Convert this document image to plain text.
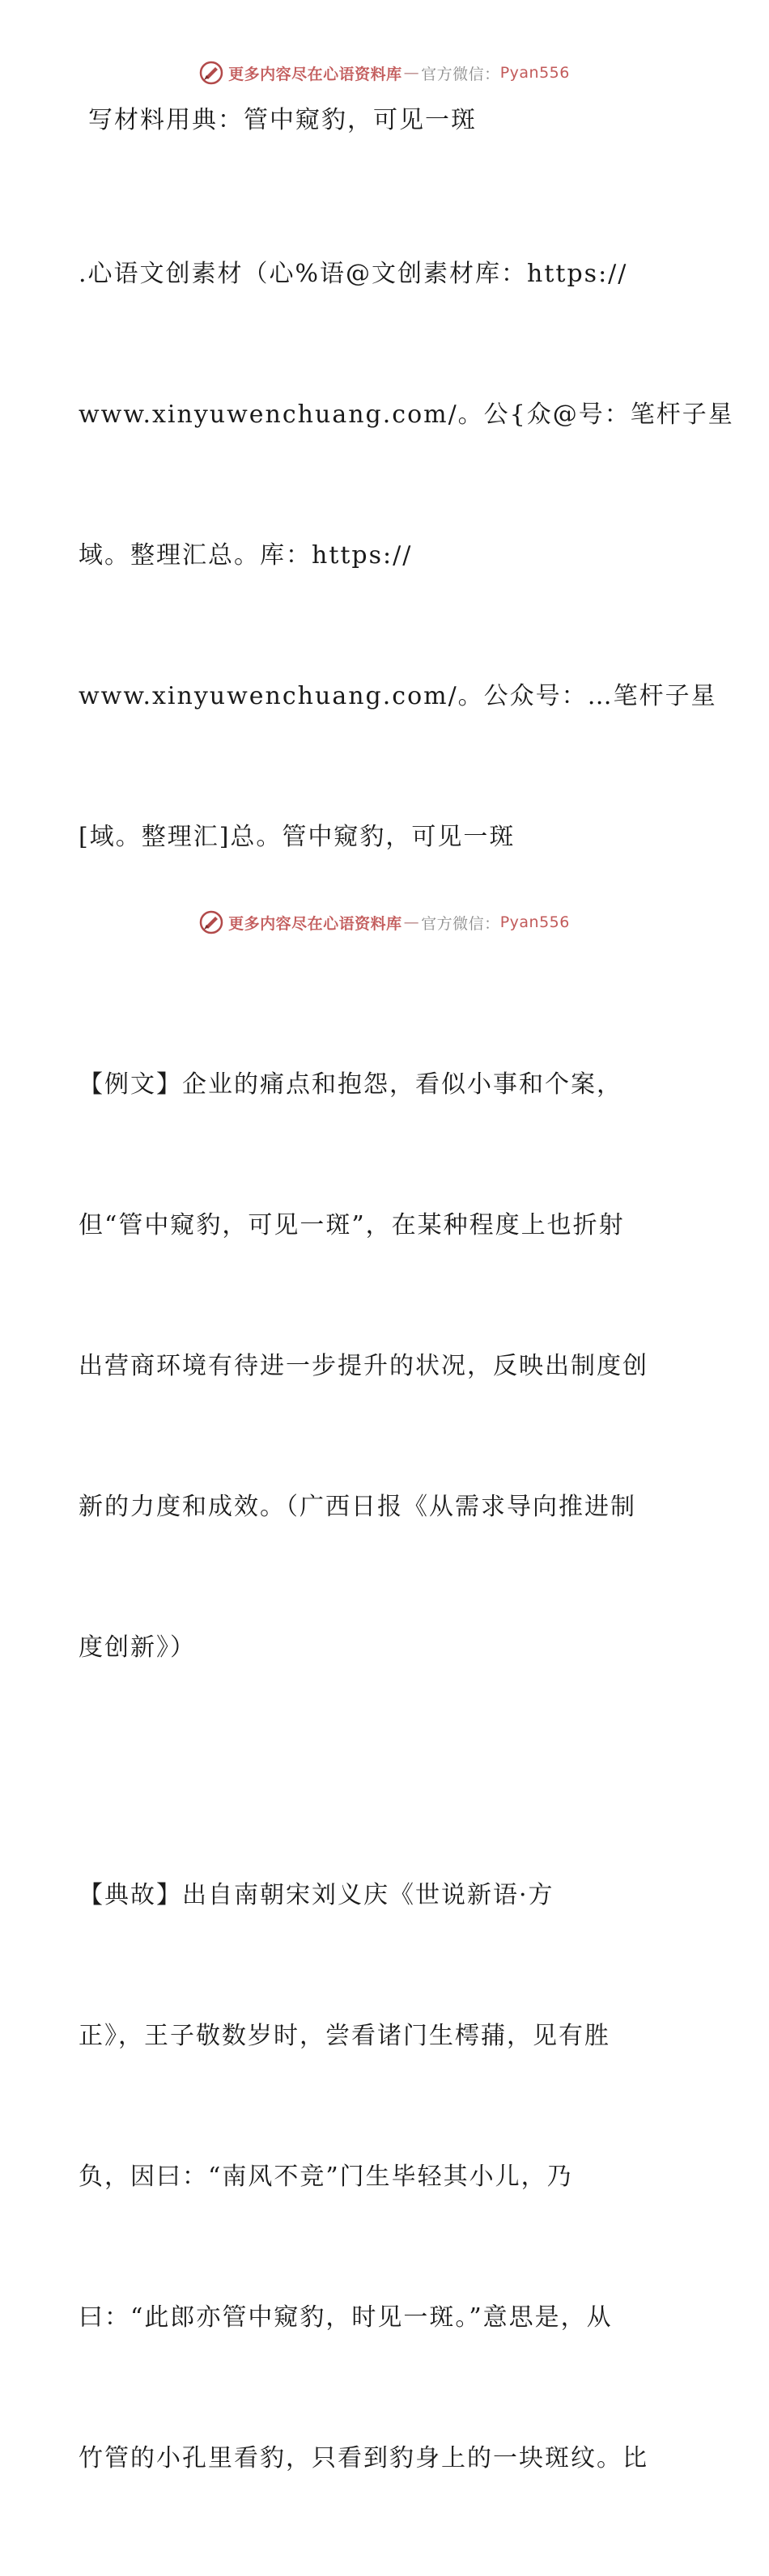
更多内容尽在心语资料库 — 官方微信： Pyan556

写材料用典：管中窥豹，可见一斑

.心语文创素材（心%语@文创素材库：https://

www.xinyuwenchuang.com/。公{众@号：笔杆子星

域。整理汇总。库：https://

www.xinyuwenchuang.com/。公众号：…笔杆子星

[域。整理汇]总。管中窥豹，可见一斑

【例文】企业的痛点和抱怨，看似小事和个案，

但“管中窥豹，可见一斑”，在某种程度上也折射

出营商环境有待进一步提升的状况，反映出制度创

新的力度和成效。（广西日报《从需求导向推进制

度创新》）

【典故】出自南朝宋刘义庆《世说新语·方

正》，王子敬数岁时，尝看诸门生樗蒱，见有胜

负，因曰：“南风不竞”门生毕轻其小儿，乃

曰：“此郎亦管中窥豹，时见一斑。”意思是，从

竹管的小孔里看豹，只看到豹身上的一块斑纹。比

更多内容尽在心语资料库 — 官方微信： Pyan556
